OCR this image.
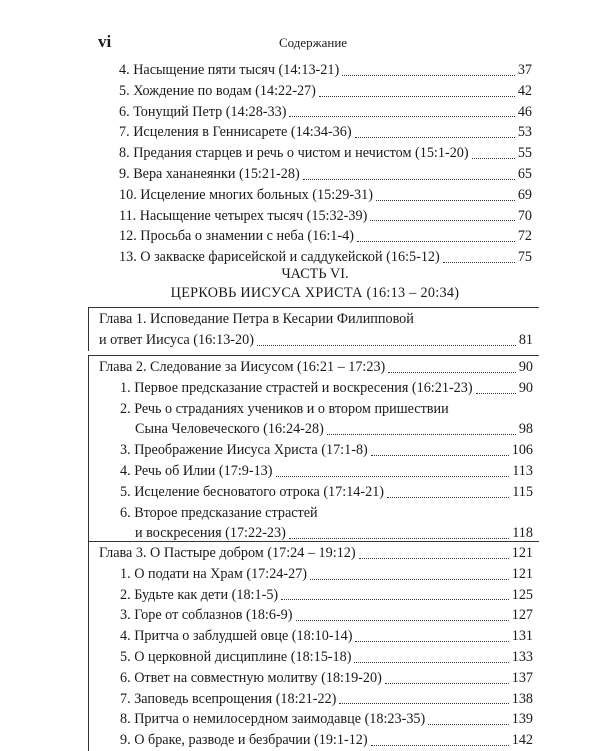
vi	Содержание
4. Насыщение пяти тысяч (14:13-21)	37
5. Хождение по водам (14:22-27)	42
6. Тонущий Петр (14:28-33)	46
7. Исцеления в Геннисарете (14:34-36)	53
8. Предания старцев и речь о чистом и нечистом (15:1-20)	55
9. Вера хананеянки (15:21-28)	65
10. Исцеление многих больных (15:29-31)	69
11. Насыщение четырех тысяч (15:32-39)	70
12. Просьба о знамении с неба (16:1-4)	72
13. О закваске фарисейской и саддукейской (16:5-12)	75
ЧАСТЬ VI.
ЦЕРКОВЬ ИИСУСА ХРИСТА (16:13 – 20:34)
Глава 1. Исповедание Петра в Кесарии Филипповой
и ответ Иисуса (16:13-20)	81
Глава 2. Следование за Иисусом (16:21 – 17:23)	90
1. Первое предсказание страстей и воскресения (16:21-23)	90
2. Речь о страданиях учеников и о втором пришествии
Сына Человеческого (16:24-28)	98
3. Преображение Иисуса Христа (17:1-8)	106
4. Речь об Илии (17:9-13)	113
5. Исцеление бесноватого отрока (17:14-21)	115
6. Второе предсказание страстей
и воскресения (17:22-23)	118
Глава 3. О Пастыре добром (17:24 – 19:12)	121
1. О подати на Храм (17:24-27)	121
2. Будьте как дети (18:1-5)	125
3. Горе от соблазнов (18:6-9)	127
4. Притча о заблудшей овце (18:10-14)	131
5. О церковной дисциплине (18:15-18)	133
6. Ответ на совместную молитву (18:19-20)	137
7. Заповедь всепрощения (18:21-22)	138
8. Притча о немилосердном заимодавце (18:23-35)	139
9. О браке, разводе и безбрачии (19:1-12)	142
